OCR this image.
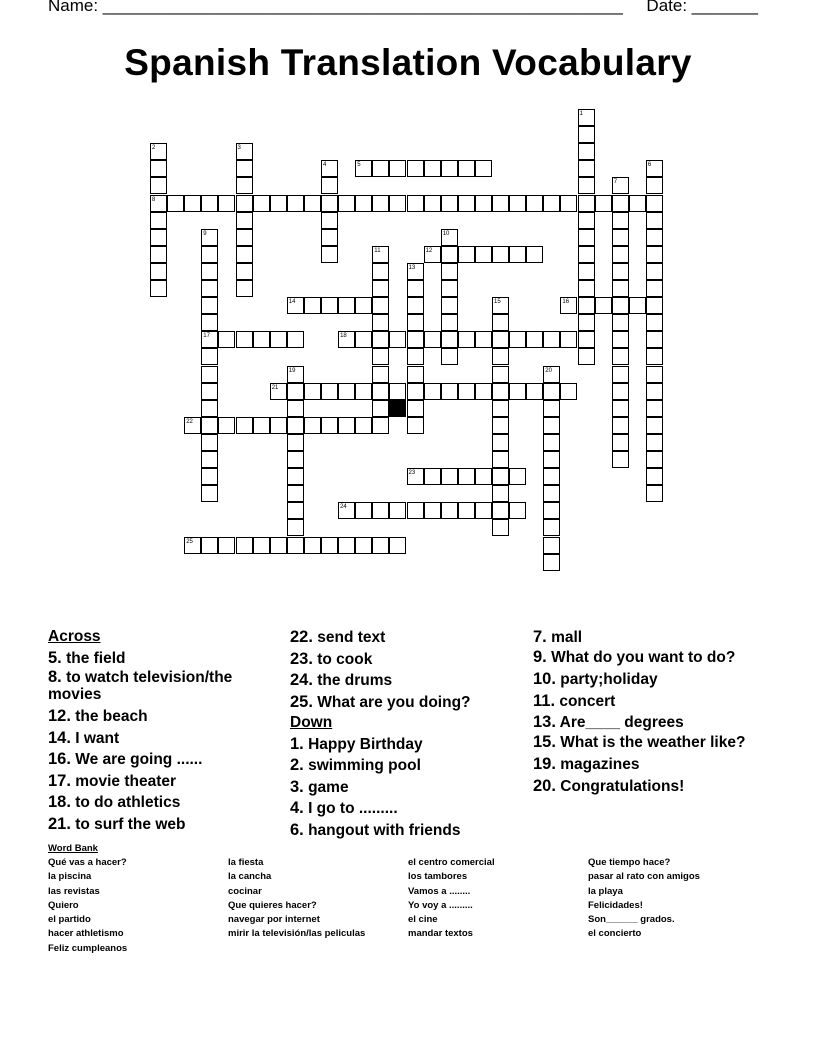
Name: _______________________________________________________     Date: _______
Spanish Translation Vocabulary
1
2
8
3
4	5	6
7
9
17
10
11	12
13
14	15	16
18
19	20
21
22
23
24
25
Across
5. the field
8. to watch television/the movies
12. the beach
14. I want
16. We are going ......
17. movie theater
18. to do athletics
21. to surf the web
22. send text
23. to cook
24. the drums
25. What are you doing?
Down
1. Happy Birthday
2. swimming pool
3. game
4. I go to .........
6. hangout with friends
7. mall
9. What do you want to do?
10. party;holiday
11. concert
13. Are____ degrees
15. What is the weather like?
19. magazines
20. Congratulations!
Word Bank
Qué vas a hacer?
la piscina
las revistas
Quiero
el partido
hacer athletismo
Feliz cumpleanos
la fiesta
la cancha
cocinar
Que quieres hacer?
navegar por internet
mirir la televisión/las peliculas
el centro comercial
los tambores
Vamos a ........
Yo voy a .........
el cine
mandar textos
Que tiempo hace?
pasar al rato con amigos
la playa
Felicidades!
Son______ grados.
el concierto
